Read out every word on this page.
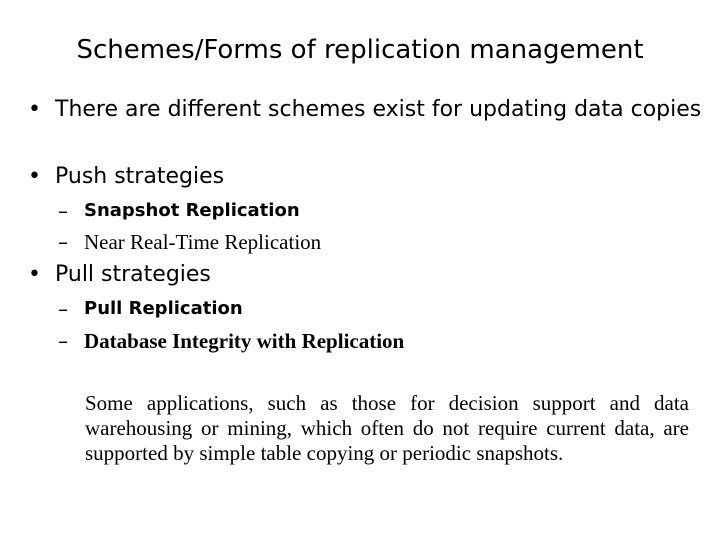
Schemes/Forms of replication management
• There are different schemes exist for updating data copies
• Push strategies
– Snapshot Replication
– Near Real-Time Replication
• Pull strategies
– Pull Replication
– Database Integrity with Replication
Some applications, such as those for decision support and data warehousing or mining, which often do not require current data, are supported by simple table copying or periodic snapshots.
